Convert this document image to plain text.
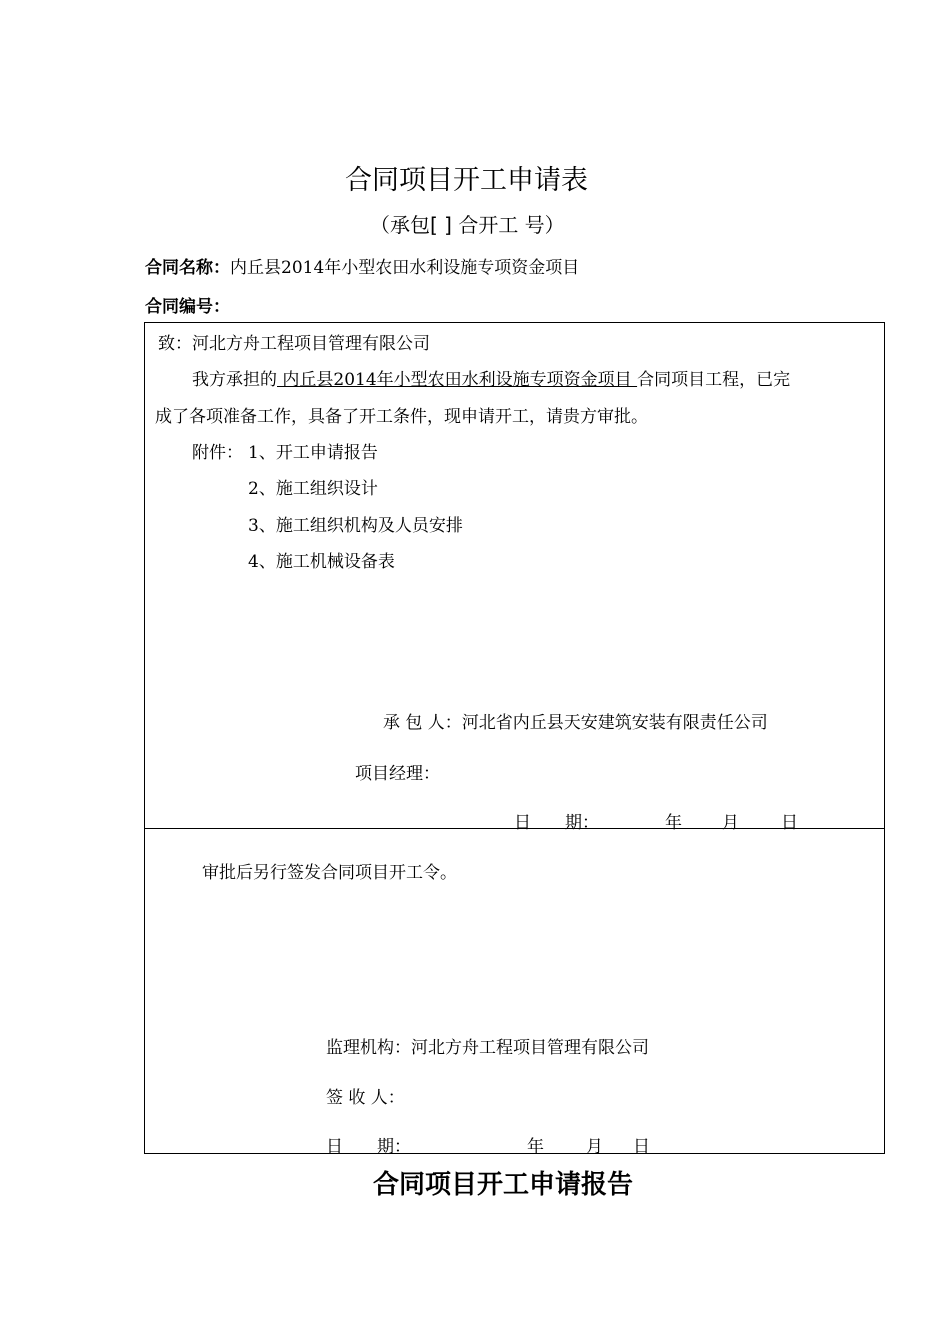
合同项目开工申请表
（承包[ ] 合开工 号）
合同名称：内丘县2014年小型农田水利设施专项资金项目
合同编号：
致：河北方舟工程项目管理有限公司
我方承担的 内丘县2014年小型农田水利设施专项资金项目 合同项目工程，已完
成了各项准备工作，具备了开工条件，现申请开工，请贵方审批。
附件： 1、开工申请报告
2、施工组织设计
3、施工组织机构及人员安排
4、施工机械设备表
承 包 人：河北省内丘县天安建筑安装有限责任公司
项目经理：
日　　期：	年 月 日
审批后另行签发合同项目开工令。
监理机构：河北方舟工程项目管理有限公司
签 收 人：
日　　期：	年 月 日
合同项目开工申请报告
